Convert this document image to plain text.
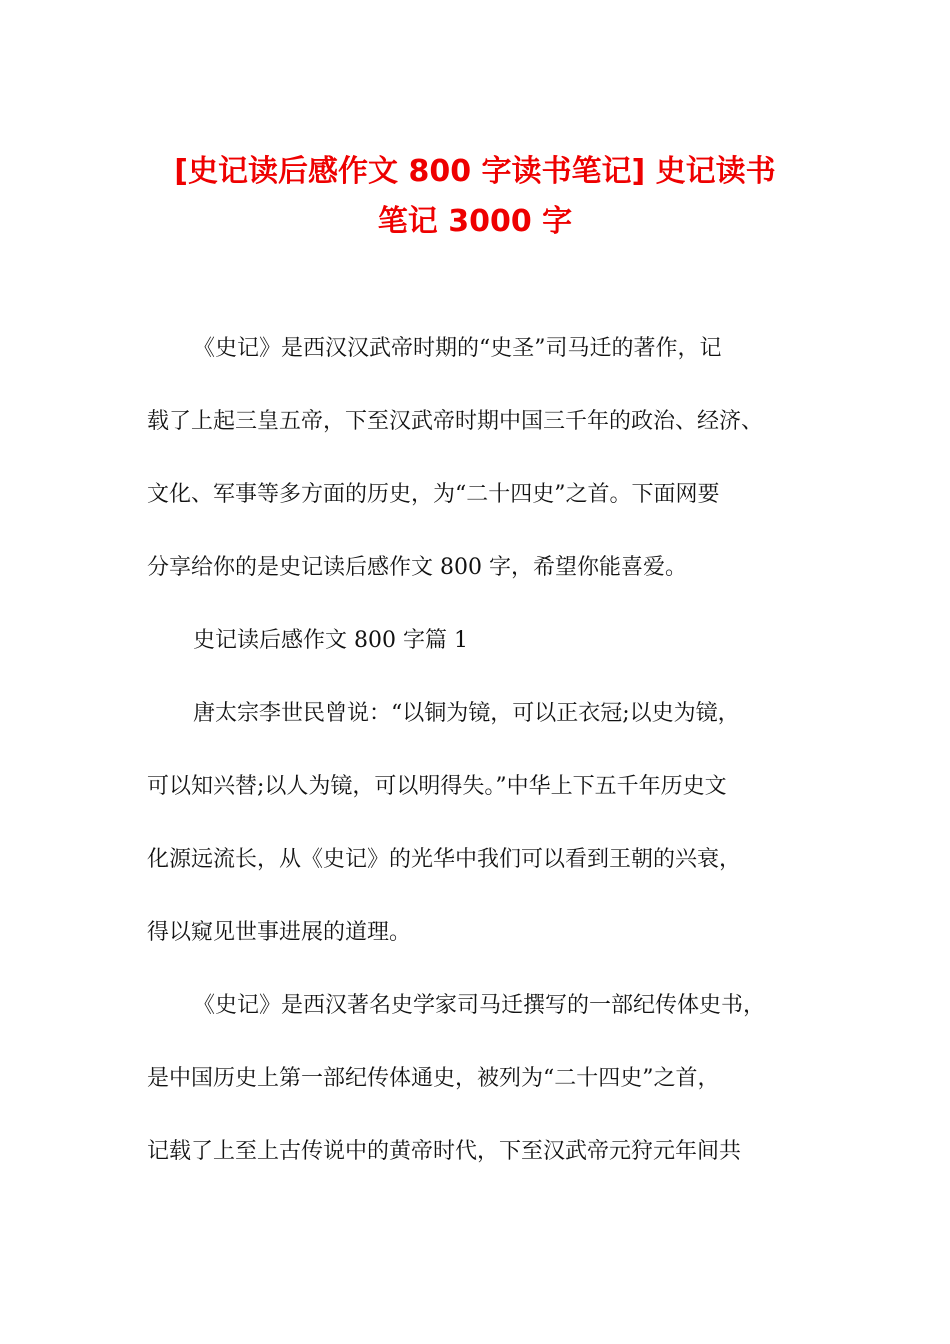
[史记读后感作文 800 字读书笔记] 史记读书
笔记 3000 字
《史记》是西汉汉武帝时期的“史圣”司马迁的著作，记
载了上起三皇五帝，下至汉武帝时期中国三千年的政治、经济、
文化、军事等多方面的历史，为“二十四史”之首。下面网要
分享给你的是史记读后感作文 800 字，希望你能喜爱。
史记读后感作文 800 字篇 1
唐太宗李世民曾说：“以铜为镜，可以正衣冠;以史为镜，
可以知兴替;以人为镜，可以明得失。”中华上下五千年历史文
化源远流长，从《史记》的光华中我们可以看到王朝的兴衰，
得以窥见世事进展的道理。
《史记》是西汉著名史学家司马迁撰写的一部纪传体史书，
是中国历史上第一部纪传体通史，被列为“二十四史”之首，
记载了上至上古传说中的黄帝时代，下至汉武帝元狩元年间共
